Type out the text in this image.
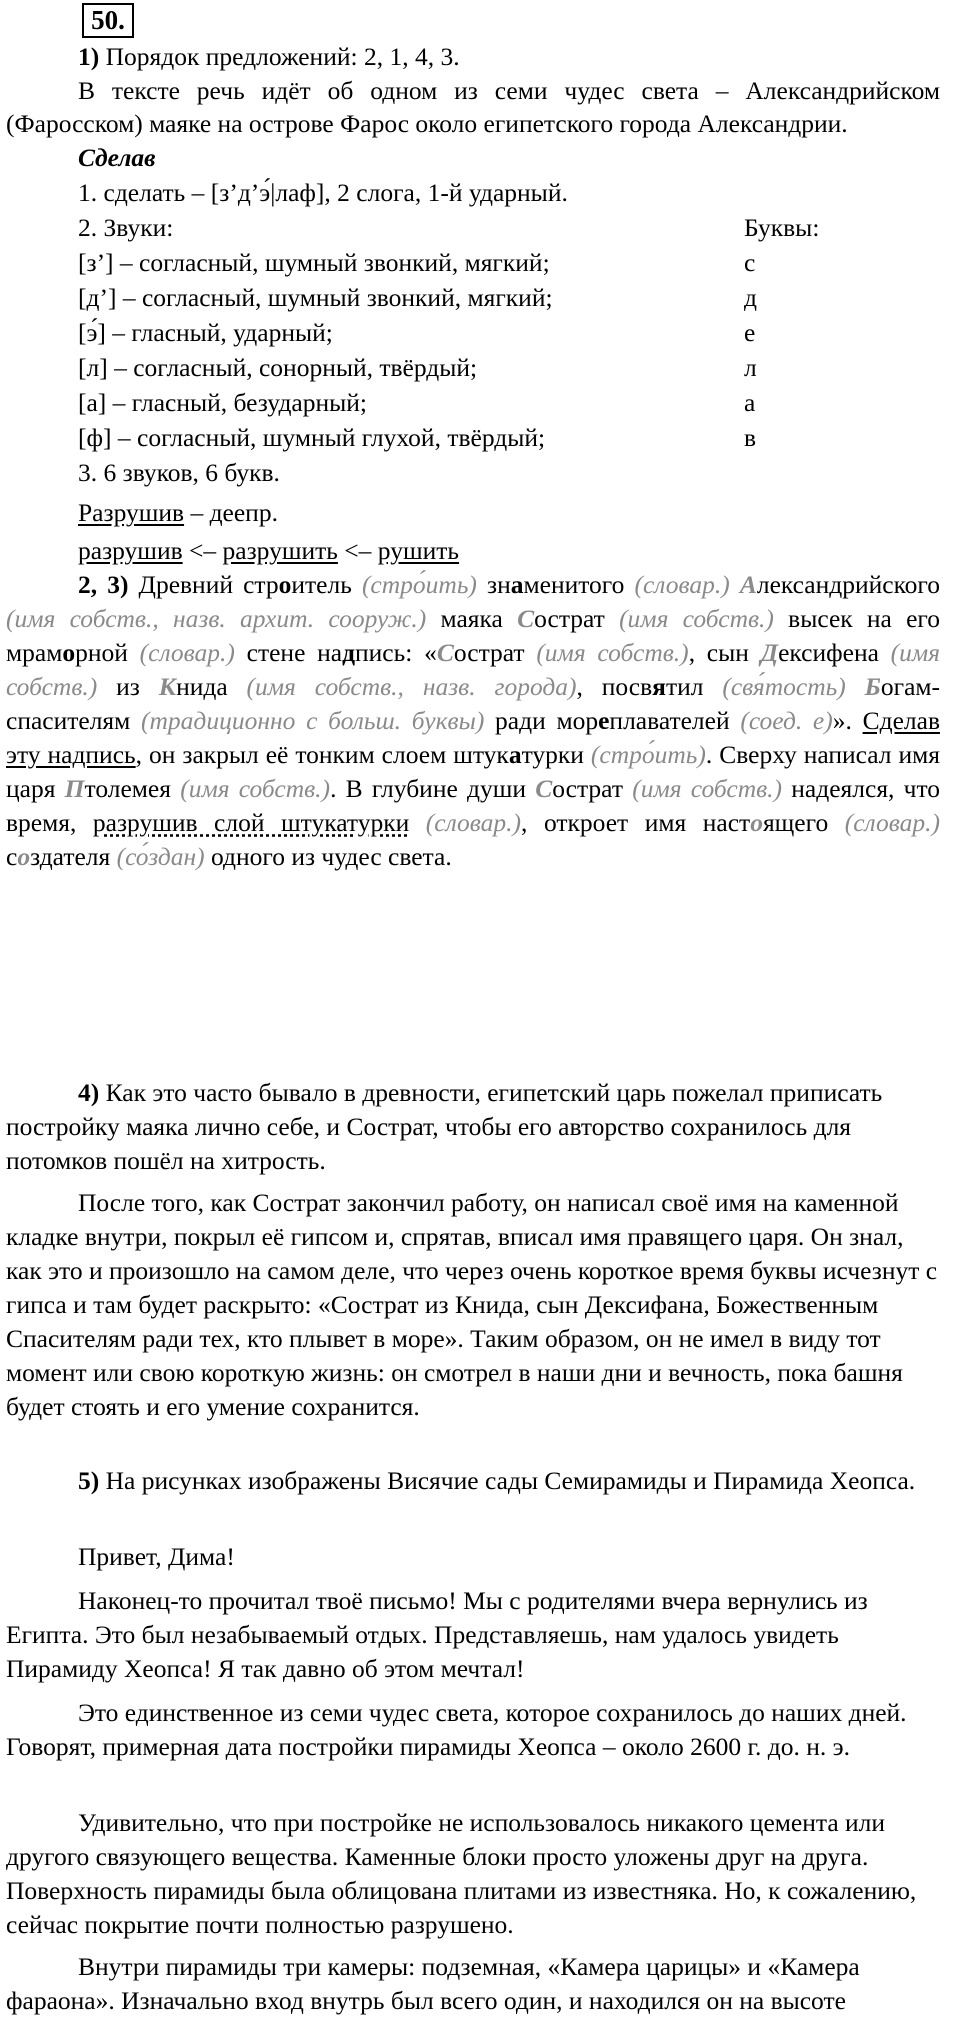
50.

1) Порядок предложений: 2, 1, 4, 3.

В тексте речь идёт об одном из семи чудес света – Александрийском (Фаросском) маяке на острове Фарос около египетского города Александрии.

Сделав

1. сделать – [з’д’э́|лаф], 2 слога, 1-й ударный.

2. Звуки:	Буквы:
[з’] – согласный, шумный звонкий, мягкий;	с
[д’] – согласный, шумный звонкий, мягкий;	д
[э́] – гласный, ударный;	е
[л] – согласный, сонорный, твёрдый;	л
[а] – гласный, безударный;	а
[ф] – согласный, шумный глухой, твёрдый;	в

3. 6 звуков, 6 букв.

Разрушив – деепр.

разрушив <– разрушить <– рушить

2, 3) Древний строитель (стро́ить) знаменитого (словар.) Александрийского (имя собств., назв. архит. сооруж.) маяка Сострат (имя собств.) высек на его мраморной (словар.) стене надпись: «Сострат (имя собств.), сын Дексифена (имя собств.) из Книда (имя собств., назв. города), посвятил (свя́тость) Богам-спасителям (традиционно с больш. буквы) ради мореплавателей (соед. е)». Сделав эту надпись, он закрыл её тонким слоем штукатурки (стро́ить). Сверху написал имя царя Птолемея (имя собств.). В глубине души Сострат (имя собств.) надеялся, что время, разрушив слой штукатурки (словар.), откроет имя настоящего (словар.) создателя (со́здан) одного из чудес света.

4) Как это часто бывало в древности, египетский царь пожелал приписать постройку маяка лично себе, и Сострат, чтобы его авторство сохранилось для потомков пошёл на хитрость.

После того, как Сострат закончил работу, он написал своё имя на каменной кладке внутри, покрыл её гипсом и, спрятав, вписал имя правящего царя. Он знал, как это и произошло на самом деле, что через очень короткое время буквы исчезнут с гипса и там будет раскрыто: «Сострат из Книда, сын Дексифана, Божественным Спасителям ради тех, кто плывет в море». Таким образом, он не имел в виду тот момент или свою короткую жизнь: он смотрел в наши дни и вечность, пока башня будет стоять и его умение сохранится.

5) На рисунках изображены Висячие сады Семирамиды и Пирамида Хеопса.

Привет, Дима!

Наконец-то прочитал твоё письмо! Мы с родителями вчера вернулись из Египта. Это был незабываемый отдых. Представляешь, нам удалось увидеть Пирамиду Хеопса! Я так давно об этом мечтал!

Это единственное из семи чудес света, которое сохранилось до наших дней. Говорят, примерная дата постройки пирамиды Хеопса – около 2600 г. до. н. э.

Удивительно, что при постройке не использовалось никакого цемента или другого связующего вещества. Каменные блоки просто уложены друг на друга. Поверхность пирамиды была облицована плитами из известняка. Но, к сожалению, сейчас покрытие почти полностью разрушено.

Внутри пирамиды три камеры: подземная, «Камера царицы» и «Камера фараона». Изначально вход внутрь был всего один, и находился он на высоте
